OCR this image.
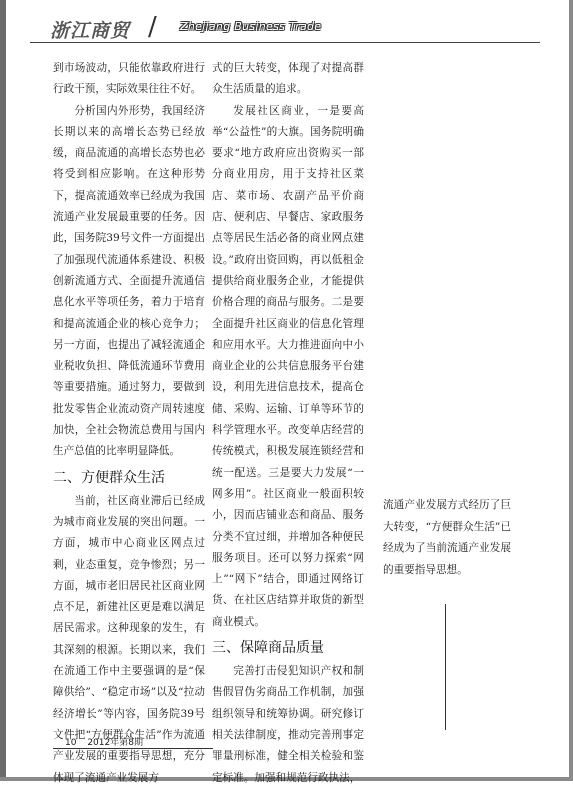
浙江商贸 / Zhejiang Business Trade

到市场波动，只能依靠政府进行行政干预，实际效果往往不好。

分析国内外形势，我国经济长期以来的高增长态势已经放缓，商品流通的高增长态势也必将受到相应影响。在这种形势下，提高流通效率已经成为我国流通产业发展最重要的任务。因此，国务院39号文件一方面提出了加强现代流通体系建设、积极创新流通方式、全面提升流通信息化水平等项任务，着力于培育和提高流通企业的核心竞争力；另一方面，也提出了减轻流通企业税收负担、降低流通环节费用等重要措施。通过努力，要做到批发零售企业流动资产周转速度加快，全社会物流总费用与国内生产总值的比率明显降低。

二、方便群众生活

当前，社区商业滞后已经成为城市商业发展的突出问题。一方面，城市中心商业区网点过剩，业态重复，竞争惨烈；另一方面，城市老旧居民社区商业网点不足，新建社区更是难以满足居民需求。这种现象的发生，有其深刻的根源。长期以来，我们在流通工作中主要强调的是“保障供给”、“稳定市场”以及“拉动经济增长”等内容，国务院39号文件把“方便群众生活”作为流通产业发展的重要指导思想，充分体现了流通产业发展方

式的巨大转变，体现了对提高群众生活质量的追求。

发展社区商业，一是要高举“公益性”的大旗。国务院明确要求“地方政府应出资购买一部分商业用房，用于支持社区菜店、菜市场、农副产品平价商店、便利店、早餐店、家政服务点等居民生活必备的商业网点建设。”政府出资回购，再以低租金提供给商业服务企业，才能提供价格合理的商品与服务。二是要全面提升社区商业的信息化管理和应用水平。大力推进面向中小商业企业的公共信息服务平台建设，利用先进信息技术，提高仓储、采购、运输、订单等环节的科学管理水平。改变单店经营的传统模式，积极发展连锁经营和统一配送。三是要大力发展“一网多用”。社区商业一般面积较小，因而店铺业态和商品、服务分类不宜过细，并增加各种便民服务项目。还可以努力探索“网上”“网下”结合，即通过网络订货、在社区店结算并取货的新型商业模式。

三、保障商品质量

完善打击侵犯知识产权和制售假冒伪劣商品工作机制，加强组织领导和统筹协调。研究修订相关法律制度，推动完善刑事定罪量刑标准，健全相关检验和鉴定标准。加强和规范行政执法，

流通产业发展方式经历了巨大转变，“方便群众生活”已经成为了当前流通产业发展的重要指导思想。
10 2012年第8期
